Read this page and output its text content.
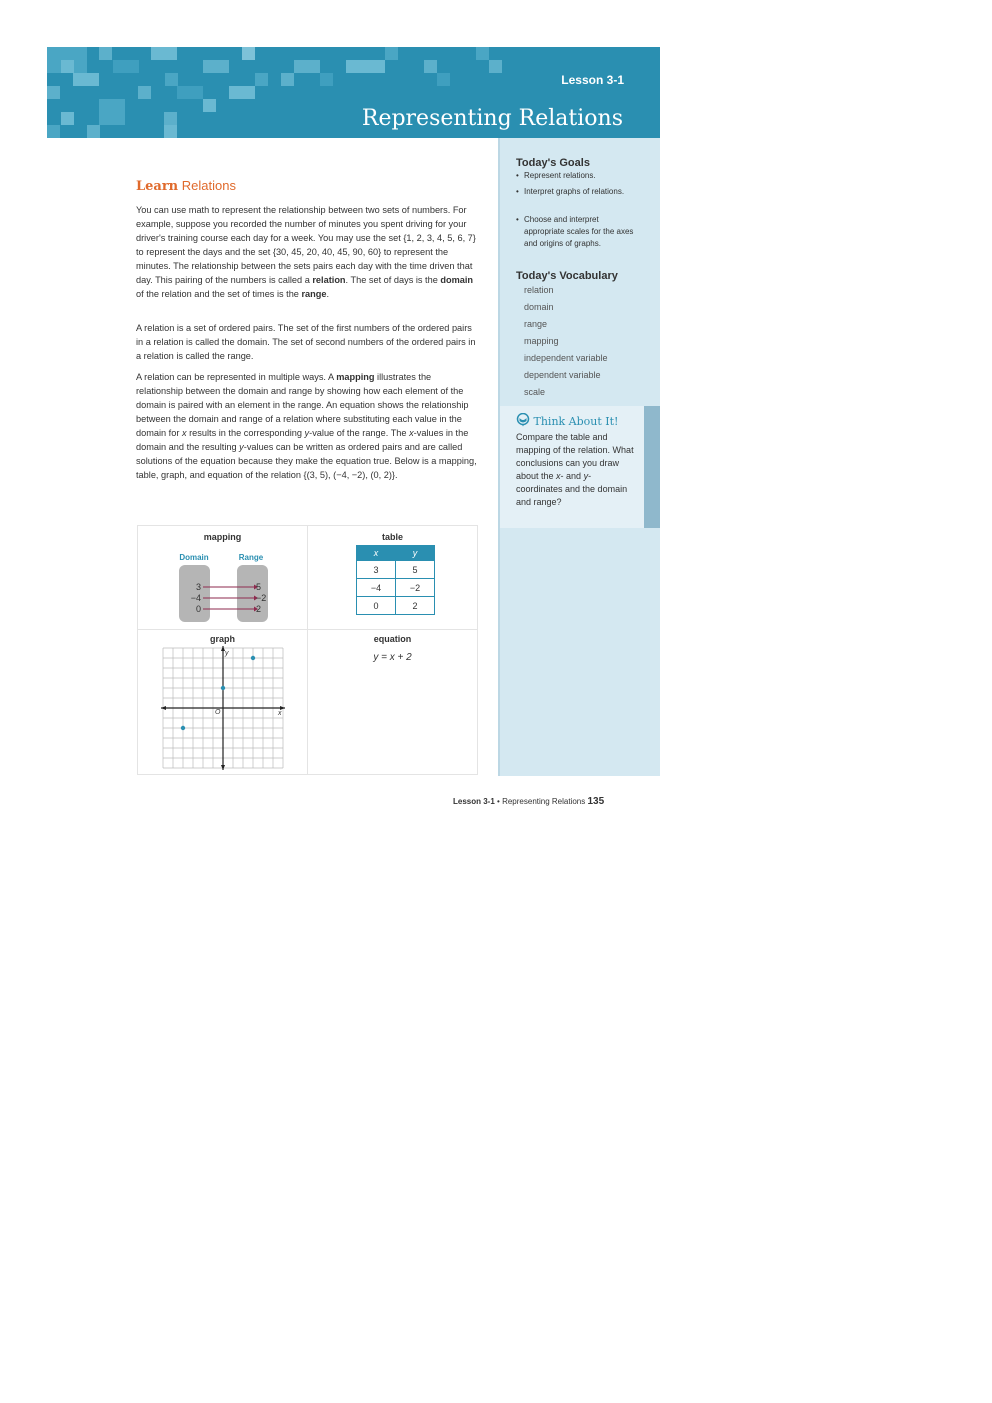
Lesson 3-1
Representing Relations
Today's Goals
• Represent relations.
• Interpret graphs of relations.
• Choose and interpret appropriate scales for the axes and origins of graphs.
Today's Vocabulary
relation
domain
range
mapping
independent variable
dependent variable
scale
Think About It!
Compare the table and mapping of the relation. What conclusions can you draw about the x- and y-coordinates and the domain and range?
Learn Relations

You can use math to represent the relationship between two sets of numbers. For example, suppose you recorded the number of minutes you spent driving for your driver's training course each day for a week. You may use the set {1, 2, 3, 4, 5, 6, 7} to represent the days and the set {30, 45, 20, 40, 45, 90, 60} to represent the minutes. The relationship between the sets pairs each day with the time driven that day. This pairing of the numbers is called a relation. The set of days is the domain of the relation and the set of times is the range.

A relation is a set of ordered pairs. The set of the first numbers of the ordered pairs in a relation is called the domain. The set of second numbers of the ordered pairs in a relation is called the range.

A relation can be represented in multiple ways. A mapping illustrates the relationship between the domain and range by showing how each element of the domain is paired with an element in the range. An equation shows the relationship between the domain and range of a relation where substituting each value in the domain for x results in the corresponding y-value of the range. The x-values in the domain and the resulting y-values can be written as ordered pairs and are called solutions of the equation because they make the equation true. Below is a mapping, table, graph, and equation of the relation {(3, 5), (−4, −2), (0, 2)}.

mapping
Domain	Range
3
−4
0
5
−2
2
table
x	y
3	5
−4	−2
0	2
graph
y
x
O
equation
y = x + 2
Lesson 3-1 • Representing Relations 135
